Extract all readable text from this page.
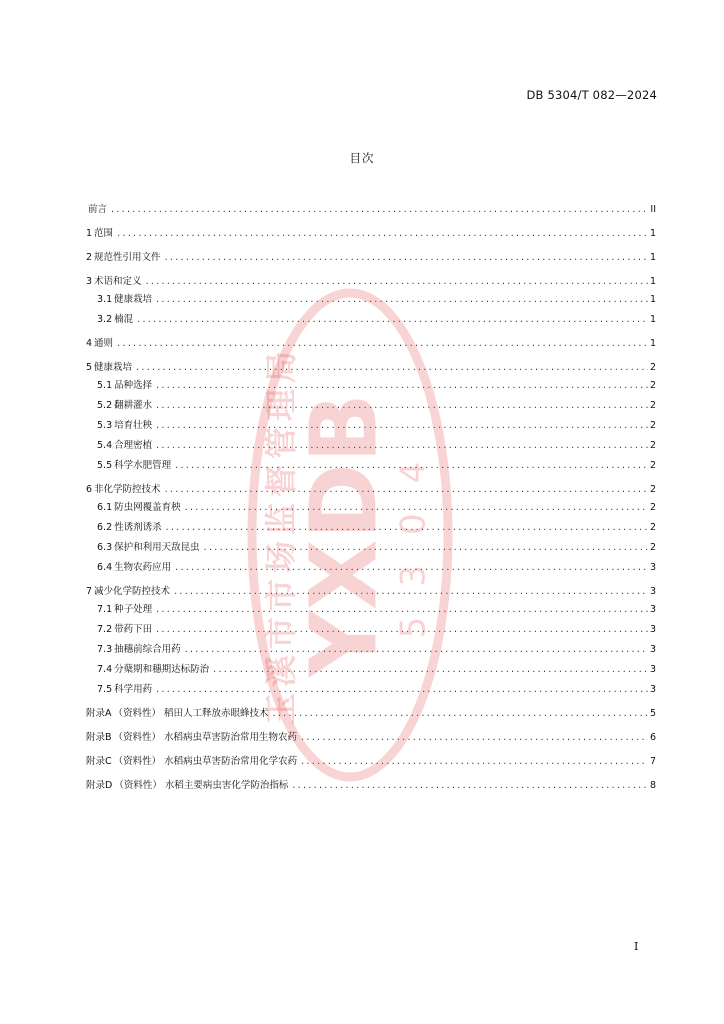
DB 5304/T 082—2024
目次
前言 .....	II
1 范围 .....	1
2 规范性引用文件 .....	1
3 术语和定义 .....	1
3.1 健康栽培 .....	1
3.2 楠混 .....	1
4 通则 .....	1
5 健康栽培 .....	2
5.1 品种选择 .....	2
5.2 翻耕灌水 .....	2
5.3 培育壮秧 .....	2
5.4 合理密植 .....	2
5.5 科学水肥管理 .....	2
6 非化学防控技术 .....	2
6.1 防虫网覆盖育秧 .....	2
6.2 性诱剂诱杀 .....	2
6.3 保护和利用天敌昆虫 .....	2
6.4 生物农药应用 .....	3
7 减少化学防控技术 .....	3
7.1 种子处理 .....	3
7.2 带药下田 .....	3
7.3 抽穗前综合用药 .....	3
7.4 分蘖期和穗期达标防治 .....	3
7.5 科学用药 .....	3
附录A （资料性） 稻田人工释放赤眼蜂技术 .....	5
附录B （资料性） 水稻病虫草害防治常用生物农药 .....	6
附录C （资料性） 水稻病虫草害防治常用化学农药 .....	7
附录D （资料性） 水稻主要病虫害化学防治指标 .....	8
YXDB
5304
玉溪市市场监督管理局
I
